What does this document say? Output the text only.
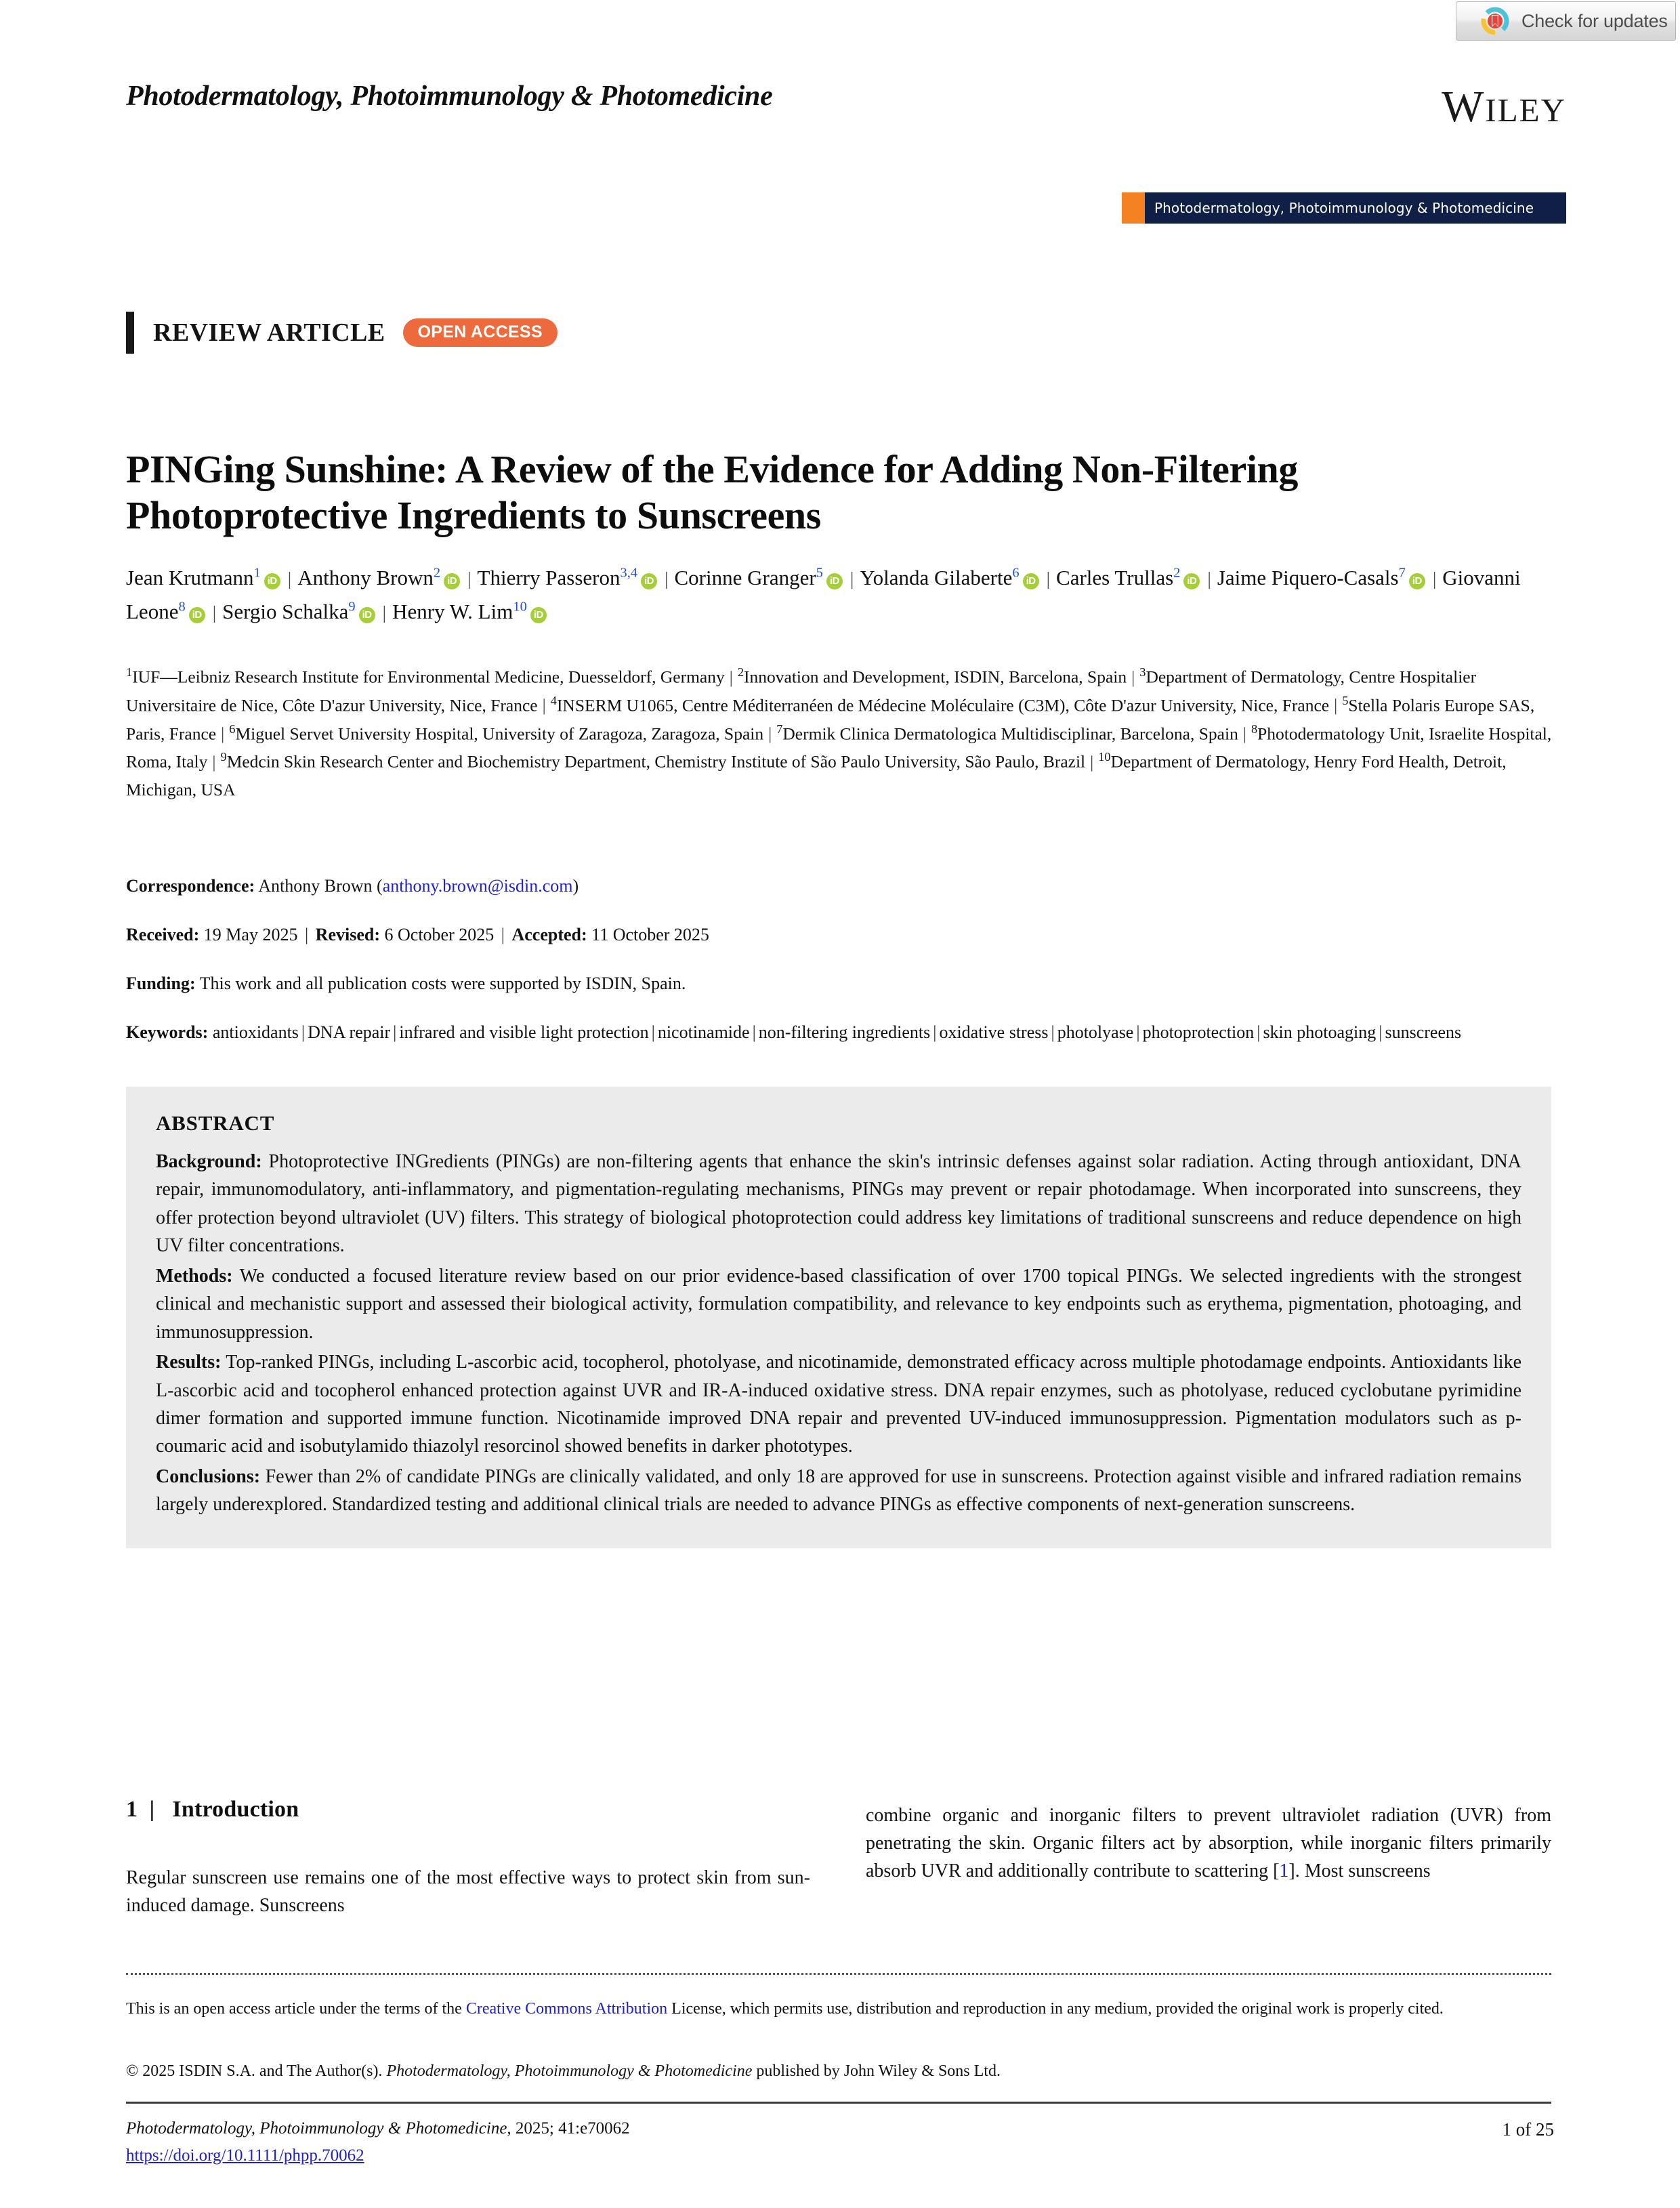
Check for updates
Photodermatology, Photoimmunology & Photomedicine	WILEY
Photodermatology, Photoimmunology & Photomedicine
REVIEW ARTICLE	OPEN ACCESS
PINGing Sunshine: A Review of the Evidence for Adding Non-Filtering Photoprotective Ingredients to Sunscreens
Jean Krutmann$^1$iD | Anthony Brown$^2$iD | Thierry Passeron$^{3,4}$iD | Corinne Granger$^5$iD | Yolanda Gilaberte$^6$iD | Carles Trullas$^2$iD | Jaime Piquero-Casals$^7$iD | Giovanni Leone$^8$iD | Sergio Schalka$^9$iD | Henry W. Lim$^{10}$iD
$^1$IUF—Leibniz Research Institute for Environmental Medicine, Duesseldorf, Germany | $^2$Innovation and Development, ISDIN, Barcelona, Spain | $^3$Department of Dermatology, Centre Hospitalier Universitaire de Nice, Côte D'azur University, Nice, France | $^4$INSERM U1065, Centre Méditerranéen de Médecine Moléculaire (C3M), Côte D'azur University, Nice, France | $^5$Stella Polaris Europe SAS, Paris, France | $^6$Miguel Servet University Hospital, University of Zaragoza, Zaragoza, Spain | $^7$Dermik Clinica Dermatologica Multidisciplinar, Barcelona, Spain | $^8$Photodermatology Unit, Israelite Hospital, Roma, Italy | $^9$Medcin Skin Research Center and Biochemistry Department, Chemistry Institute of São Paulo University, São Paulo, Brazil | $^{10}$Department of Dermatology, Henry Ford Health, Detroit, Michigan, USA
Correspondence: Anthony Brown (anthony.brown@isdin.com)
Received: 19 May 2025 | Revised: 6 October 2025 | Accepted: 11 October 2025
Funding: This work and all publication costs were supported by ISDIN, Spain.
Keywords: antioxidants | DNA repair | infrared and visible light protection | nicotinamide | non-filtering ingredients | oxidative stress | photolyase | photoprotection | skin photoaging | sunscreens
ABSTRACT

Background: Photoprotective INGredients (PINGs) are non-filtering agents that enhance the skin's intrinsic defenses against solar radiation. Acting through antioxidant, DNA repair, immunomodulatory, anti-inflammatory, and pigmentation-regulating mechanisms, PINGs may prevent or repair photodamage. When incorporated into sunscreens, they offer protection beyond ultraviolet (UV) filters. This strategy of biological photoprotection could address key limitations of traditional sunscreens and reduce dependence on high UV filter concentrations.

Methods: We conducted a focused literature review based on our prior evidence-based classification of over 1700 topical PINGs. We selected ingredients with the strongest clinical and mechanistic support and assessed their biological activity, formulation compatibility, and relevance to key endpoints such as erythema, pigmentation, photoaging, and immunosuppression.

Results: Top-ranked PINGs, including L-ascorbic acid, tocopherol, photolyase, and nicotinamide, demonstrated efficacy across multiple photodamage endpoints. Antioxidants like L-ascorbic acid and tocopherol enhanced protection against UVR and IR-A-induced oxidative stress. DNA repair enzymes, such as photolyase, reduced cyclobutane pyrimidine dimer formation and supported immune function. Nicotinamide improved DNA repair and prevented UV-induced immunosuppression. Pigmentation modulators such as p-coumaric acid and isobutylamido thiazolyl resorcinol showed benefits in darker phototypes.

Conclusions: Fewer than 2% of candidate PINGs are clinically validated, and only 18 are approved for use in sunscreens. Protection against visible and infrared radiation remains largely underexplored. Standardized testing and additional clinical trials are needed to advance PINGs as effective components of next-generation sunscreens.

1 | Introduction
Regular sunscreen use remains one of the most effective ways to protect skin from sun-induced damage. Sunscreens
combine organic and inorganic filters to prevent ultraviolet radiation (UVR) from penetrating the skin. Organic filters act by absorption, while inorganic filters primarily absorb UVR and additionally contribute to scattering [1]. Most sunscreens
This is an open access article under the terms of the Creative Commons Attribution License, which permits use, distribution and reproduction in any medium, provided the original work is properly cited.
© 2025 ISDIN S.A. and The Author(s). Photodermatology, Photoimmunology & Photomedicine published by John Wiley & Sons Ltd.
Photodermatology, Photoimmunology & Photomedicine, 2025; 41:e70062
https://doi.org/10.1111/phpp.70062
1 of 25
